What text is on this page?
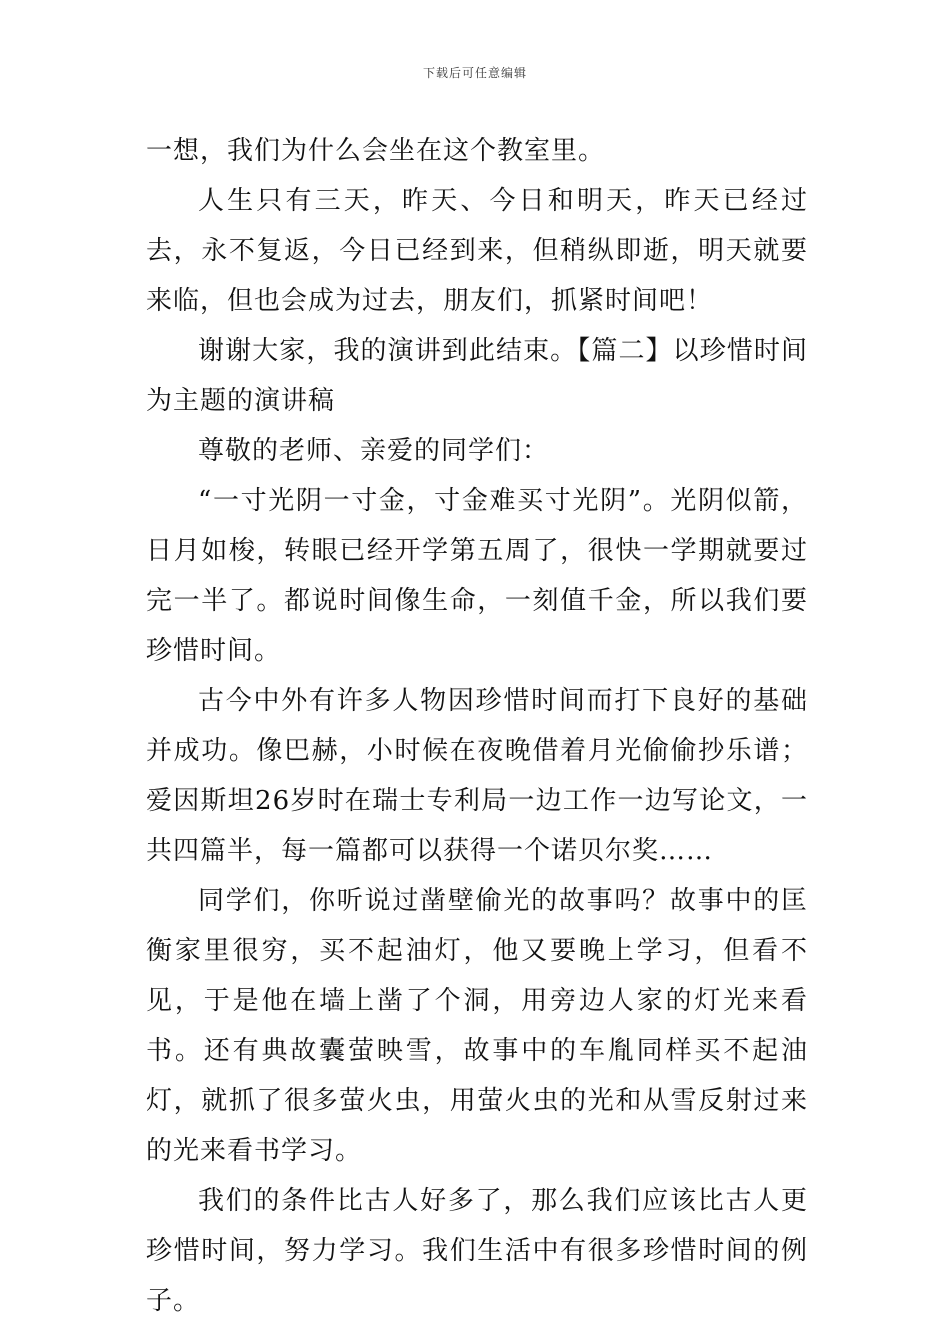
下载后可任意编辑

一想，我们为什么会坐在这个教室里。

人生只有三天，昨天、今日和明天，昨天已经过去，永不复返，今日已经到来，但稍纵即逝，明天就要来临，但也会成为过去，朋友们，抓紧时间吧！

谢谢大家，我的演讲到此结束。【篇二】以珍惜时间为主题的演讲稿

尊敬的老师、亲爱的同学们：

“一寸光阴一寸金，寸金难买寸光阴”。光阴似箭，日月如梭，转眼已经开学第五周了，很快一学期就要过完一半了。都说时间像生命，一刻值千金，所以我们要珍惜时间。

古今中外有许多人物因珍惜时间而打下良好的基础并成功。像巴赫，小时候在夜晚借着月光偷偷抄乐谱；爱因斯坦26岁时在瑞士专利局一边工作一边写论文，一共四篇半，每一篇都可以获得一个诺贝尔奖……

同学们，你听说过凿壁偷光的故事吗？故事中的匡衡家里很穷，买不起油灯，他又要晚上学习，但看不见，于是他在墙上凿了个洞，用旁边人家的灯光来看书。还有典故囊萤映雪，故事中的车胤同样买不起油灯，就抓了很多萤火虫，用萤火虫的光和从雪反射过来的光来看书学习。

我们的条件比古人好多了，那么我们应该比古人更珍惜时间，努力学习。我们生活中有很多珍惜时间的例子。
